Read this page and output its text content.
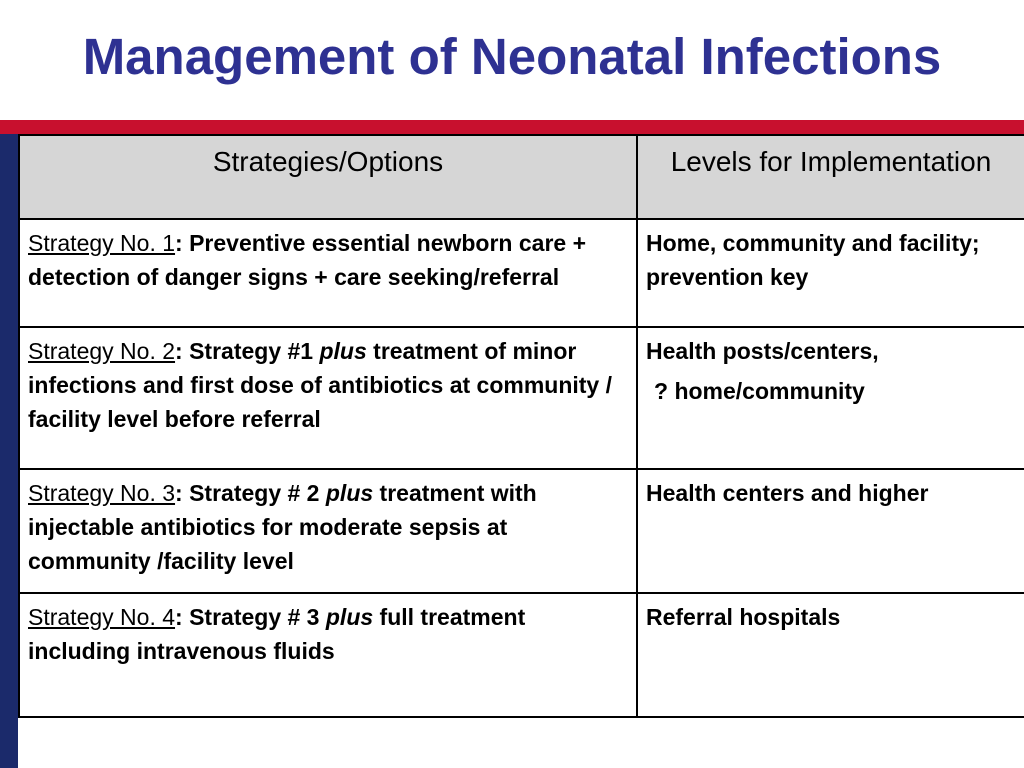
Management of Neonatal Infections
Strategies/Options	Levels for Implementation
Strategy No. 1: Preventive essential newborn care + detection of danger signs + care seeking/referral	Home, community and facility; prevention key
Strategy No. 2: Strategy #1 plus treatment of minor infections and first dose of antibiotics at community / facility level before referral	Health posts/centers,
? home/community
Strategy No. 3: Strategy # 2 plus treatment with injectable antibiotics for moderate sepsis at community /facility level	Health centers and higher
Strategy No. 4: Strategy # 3 plus full treatment including intravenous fluids	Referral hospitals
